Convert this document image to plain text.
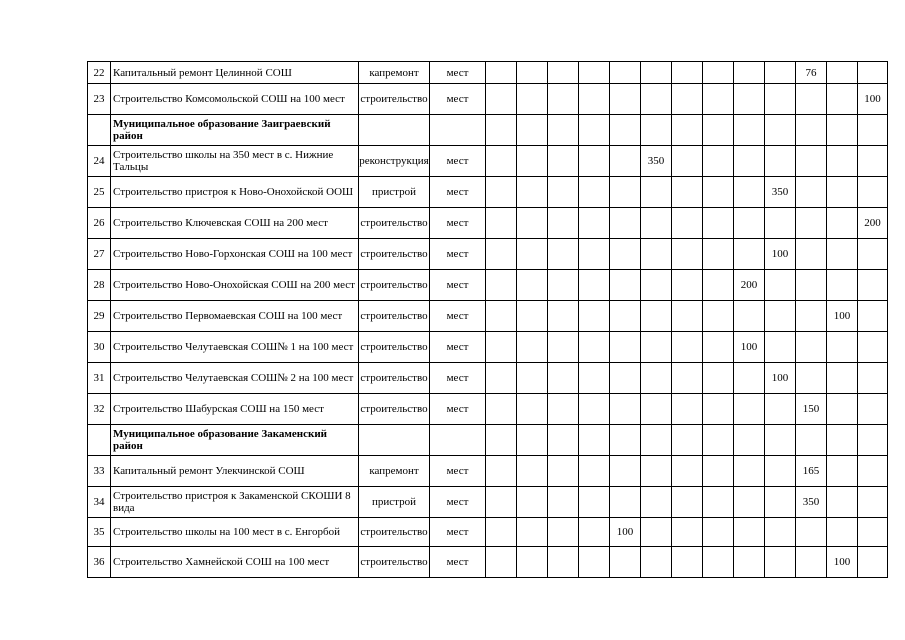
22	Капитальный ремонт Целинной СОШ	капремонт	мест											76		
23	Строительство Комсомольской СОШ на 100 мест	строительство	мест													100
	Муниципальное образование Заиграевский район															
24	Строительство школы на 350 мест в с. Нижние Тальцы	реконструкция	мест						350							
25	Строительство пристроя к Ново-Онохойской ООШ	пристрой	мест										350			
26	Строительство Ключевская СОШ на 200 мест	строительство	мест													200
27	Строительство Ново-Горхонская СОШ на 100 мест	строительство	мест										100			
28	Строительство Ново-Онохойская СОШ на 200 мест	строительство	мест									200				
29	Строительство Первомаевская СОШ на 100 мест	строительство	мест												100	
30	Строительство Челутаевская СОШ№ 1 на 100 мест	строительство	мест									100				
31	Строительство Челутаевская СОШ№ 2 на 100 мест	строительство	мест										100			
32	Строительство Шабурская СОШ на 150 мест	строительство	мест											150		
	Муниципальное образование Закаменский район															
33	Капитальный ремонт Улекчинской СОШ	капремонт	мест											165		
34	Строительство пристроя к Закаменской СКОШИ 8 вида	пристрой	мест											350		
35	Строительство школы на 100 мест в с. Енгорбой	строительство	мест					100								
36	Строительство Хамнейской СОШ на 100 мест	строительство	мест												100	
